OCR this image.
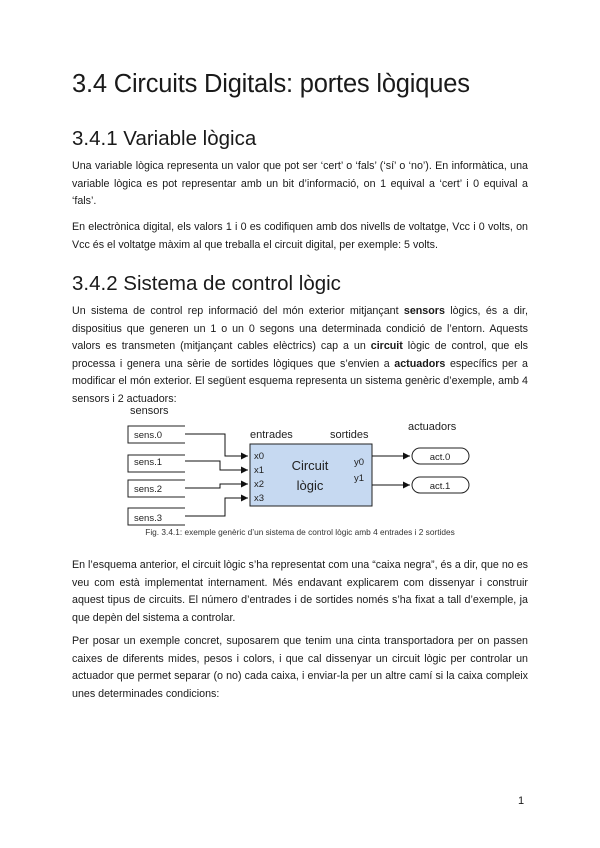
3.4 Circuits Digitals: portes lògiques
3.4.1 Variable lògica

Una variable lògica representa un valor que pot ser ‘cert’ o ‘fals’ (‘sí’ o ‘no’). En informàtica, una variable lògica es pot representar amb un bit d’informació, on 1 equival a ‘cert’ i 0 equival a ‘fals’.

En electrònica digital, els valors 1 i 0 es codifiquen amb dos nivells de voltatge, Vcc i 0 volts, on Vcc és el voltatge màxim al que treballa el circuit digital, per exemple: 5 volts.

3.4.2 Sistema de control lògic

Un sistema de control rep informació del món exterior mitjançant sensors lògics, és a dir, dispositius que generen un 1 o un 0 segons una determinada condició de l’entorn. Aquests valors es transmeten (mitjançant cables elèctrics) cap a un circuit lògic de control, que els processa i genera una sèrie de sortides lògiques que s’envien a actuadors específics per a modificar el món exterior. El següent esquema representa un sistema genèric d’exemple, amb 4 sensors i 2 actuadors:

sensors
entrades	sortides
actuadors
sens.0
sens.1
sens.2
sens.3
x0
x1
x2
x3
Circuit
lògic
y0
y1
act.0
act.1
Fig. 3.4.1: exemple genèric d’un sistema de control lògic amb 4 entrades i 2 sortides

En l’esquema anterior, el circuit lògic s’ha representat com una “caixa negra”, és a dir, que no es veu com està implementat internament. Més endavant explicarem com dissenyar i construir aquest tipus de circuits. El número d’entrades i de sortides només s’ha fixat a tall d’exemple, ja que depèn del sistema a controlar.

Per posar un exemple concret, suposarem que tenim una cinta transportadora per on passen caixes de diferents mides, pesos i colors, i que cal dissenyar un circuit lògic per controlar un actuador que permet separar (o no) cada caixa, i enviar-la per un altre camí si la caixa compleix unes determinades condicions:

1
